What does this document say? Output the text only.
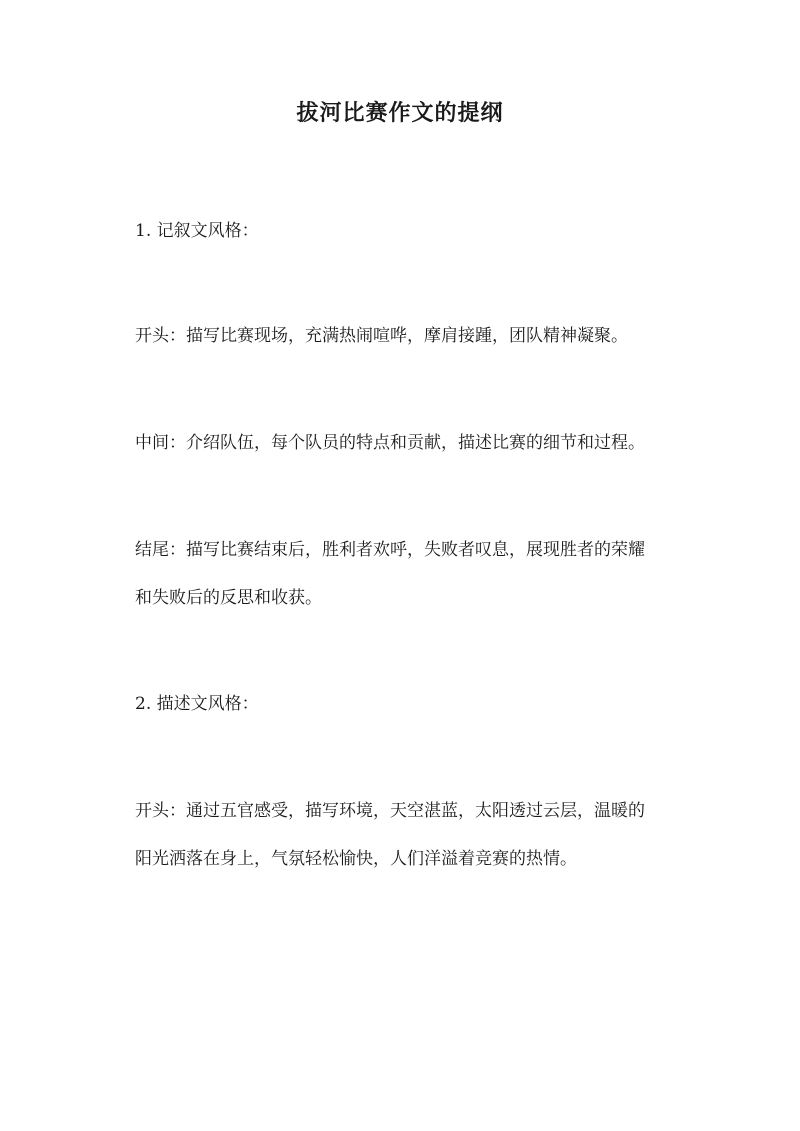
拔河比赛作文的提纲
1. 记叙文风格：
开头：描写比赛现场，充满热闹喧哗，摩肩接踵，团队精神凝聚。
中间：介绍队伍，每个队员的特点和贡献，描述比赛的细节和过程。
结尾：描写比赛结束后，胜利者欢呼，失败者叹息，展现胜者的荣耀
和失败后的反思和收获。
2. 描述文风格：
开头：通过五官感受，描写环境，天空湛蓝，太阳透过云层，温暖的
阳光洒落在身上，气氛轻松愉快，人们洋溢着竞赛的热情。
